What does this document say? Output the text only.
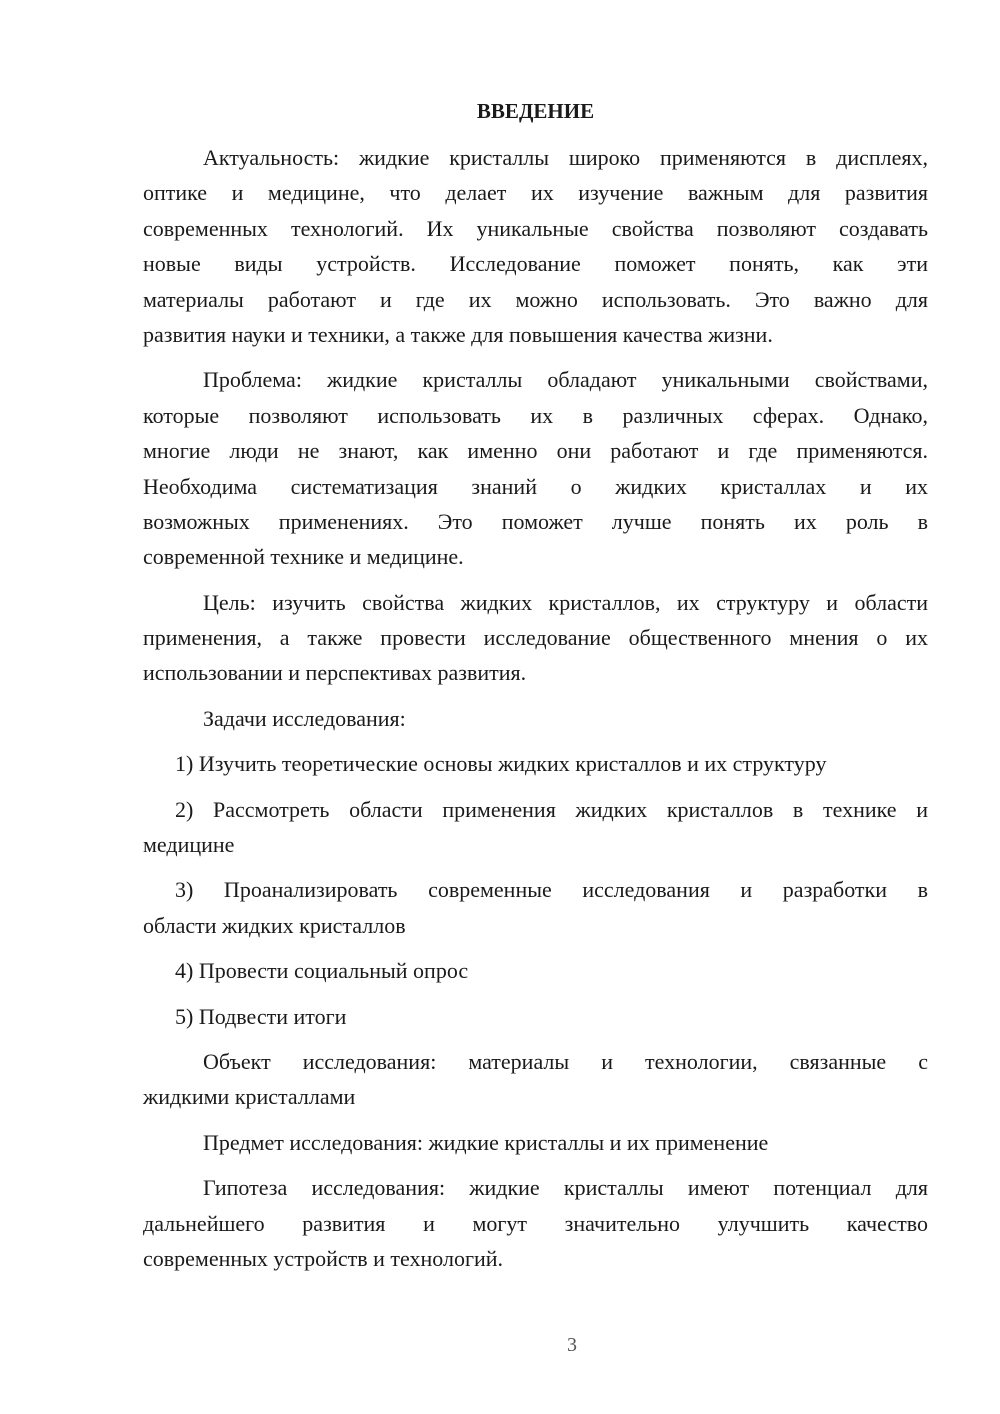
ВВЕДЕНИЕ
Актуальность: жидкие кристаллы широко применяются в дисплеях,
оптике и медицине, что делает их изучение важным для развития
современных технологий. Их уникальные свойства позволяют создавать
новые виды устройств. Исследование поможет понять, как эти
материалы работают и где их можно использовать. Это важно для
развития науки и техники, а также для повышения качества жизни.
Проблема: жидкие кристаллы обладают уникальными свойствами,
которые позволяют использовать их в различных сферах. Однако,
многие люди не знают, как именно они работают и где применяются.
Необходима систематизация знаний о жидких кристаллах и их
возможных применениях. Это поможет лучше понять их роль в
современной технике и медицине.
Цель: изучить свойства жидких кристаллов, их структуру и области
применения, а также провести исследование общественного мнения о их
использовании и перспективах развития.
Задачи исследования:
1) Изучить теоретические основы жидких кристаллов и их структуру
2) Рассмотреть области применения жидких кристаллов в технике и
медицине
3) Проанализировать современные исследования и разработки в
области жидких кристаллов
4) Провести социальный опрос
5) Подвести итоги
Объект исследования: материалы и технологии, связанные с
жидкими кристаллами
Предмет исследования: жидкие кристаллы и их применение
Гипотеза исследования: жидкие кристаллы имеют потенциал для
дальнейшего развития и могут значительно улучшить качество
современных устройств и технологий.
3
